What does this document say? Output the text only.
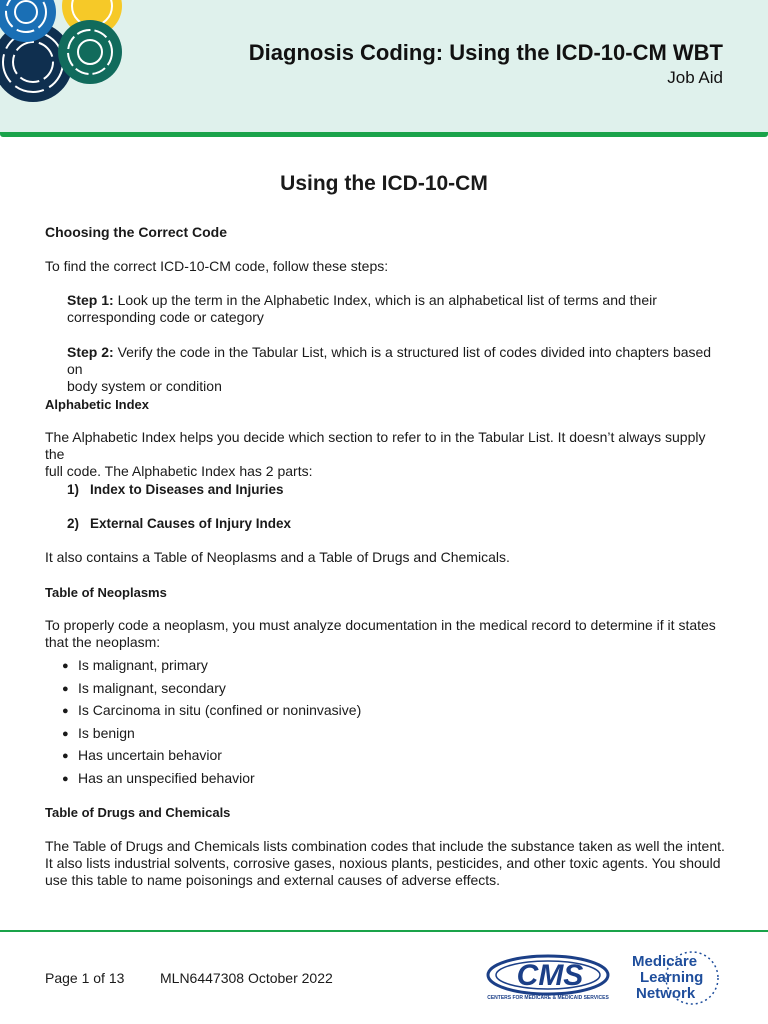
Diagnosis Coding: Using the ICD-10-CM WBT
Job Aid
Using the ICD-10-CM
Choosing the Correct Code
To find the correct ICD-10-CM code, follow these steps:
Step 1: Look up the term in the Alphabetic Index, which is an alphabetical list of terms and their
corresponding code or category
Step 2: Verify the code in the Tabular List, which is a structured list of codes divided into chapters based on
body system or condition
Alphabetic Index
The Alphabetic Index helps you decide which section to refer to in the Tabular List. It doesn’t always supply the
full code. The Alphabetic Index has 2 parts:
1) Index to Diseases and Injuries
2) External Causes of Injury Index
It also contains a Table of Neoplasms and a Table of Drugs and Chemicals.
Table of Neoplasms
To properly code a neoplasm, you must analyze documentation in the medical record to determine if it states
that the neoplasm:
● Is malignant, primary
● Is malignant, secondary
● Is Carcinoma in situ (confined or noninvasive)
● Is benign
● Has uncertain behavior
● Has an unspecified behavior
Table of Drugs and Chemicals
The Table of Drugs and Chemicals lists combination codes that include the substance taken as well the intent.
It also lists industrial solvents, corrosive gases, noxious plants, pesticides, and other toxic agents. You should
use this table to name poisonings and external causes of adverse effects.
Page 1 of 13	MLN6447308 October 2022	CMS
CENTERS FOR MEDICARE & MEDICAID SERVICES
Medicare
Learning
Network
